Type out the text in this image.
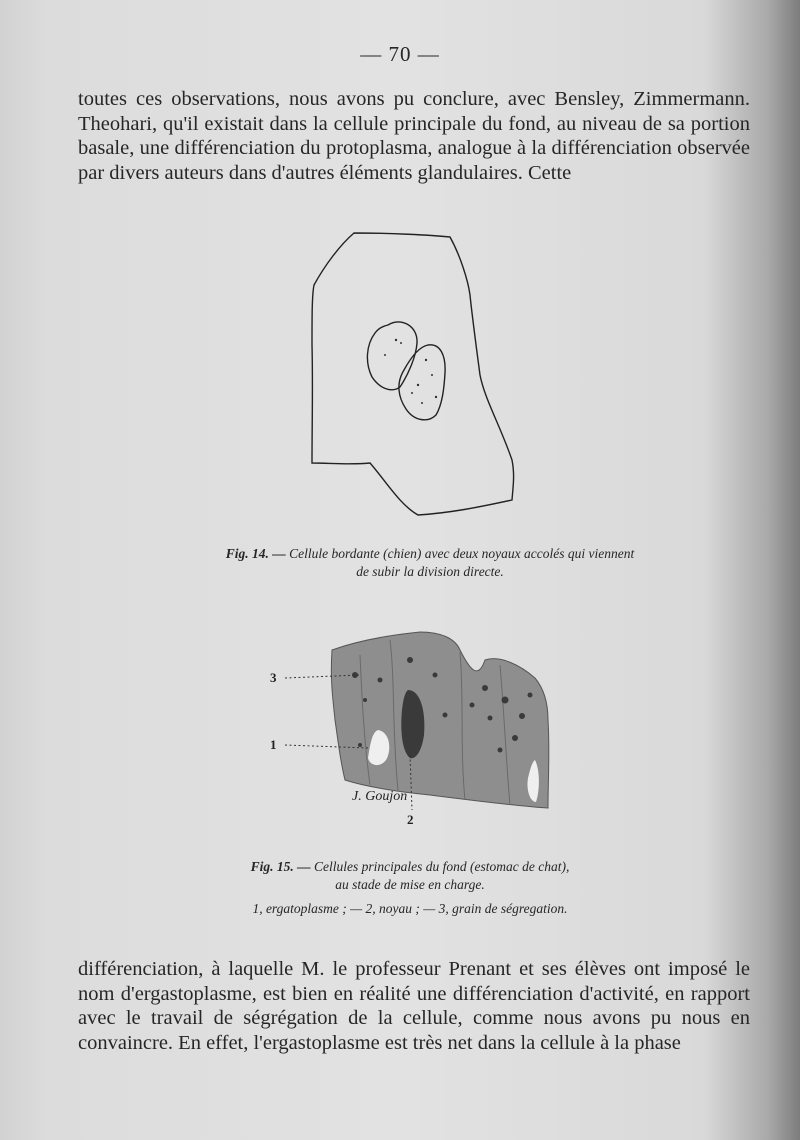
— 70 —

toutes ces observations, nous avons pu conclure, avec Bensley, Zimmermann. Theohari, qu'il existait dans la cellule principale du fond, au niveau de sa portion basale, une différenciation du protoplasma, analogue à la différenciation observée par divers auteurs dans d'autres éléments glandulaires. Cette

Fig. 14. — Cellule bordante (chien) avec deux noyaux accolés qui viennent
de subir la division directe.
3
1
2
J. Goujon
Fig. 15. — Cellules principales du fond (estomac de chat),
au stade de mise en charge.
1, ergatoplasme ; — 2, noyau ; — 3, grain de ségregation.

différenciation, à laquelle M. le professeur Prenant et ses élèves ont imposé le nom d'ergastoplasme, est bien en réalité une différenciation d'activité, en rapport avec le travail de ségrégation de la cellule, comme nous avons pu nous en convaincre. En effet, l'ergastoplasme est très net dans la cellule à la phase
